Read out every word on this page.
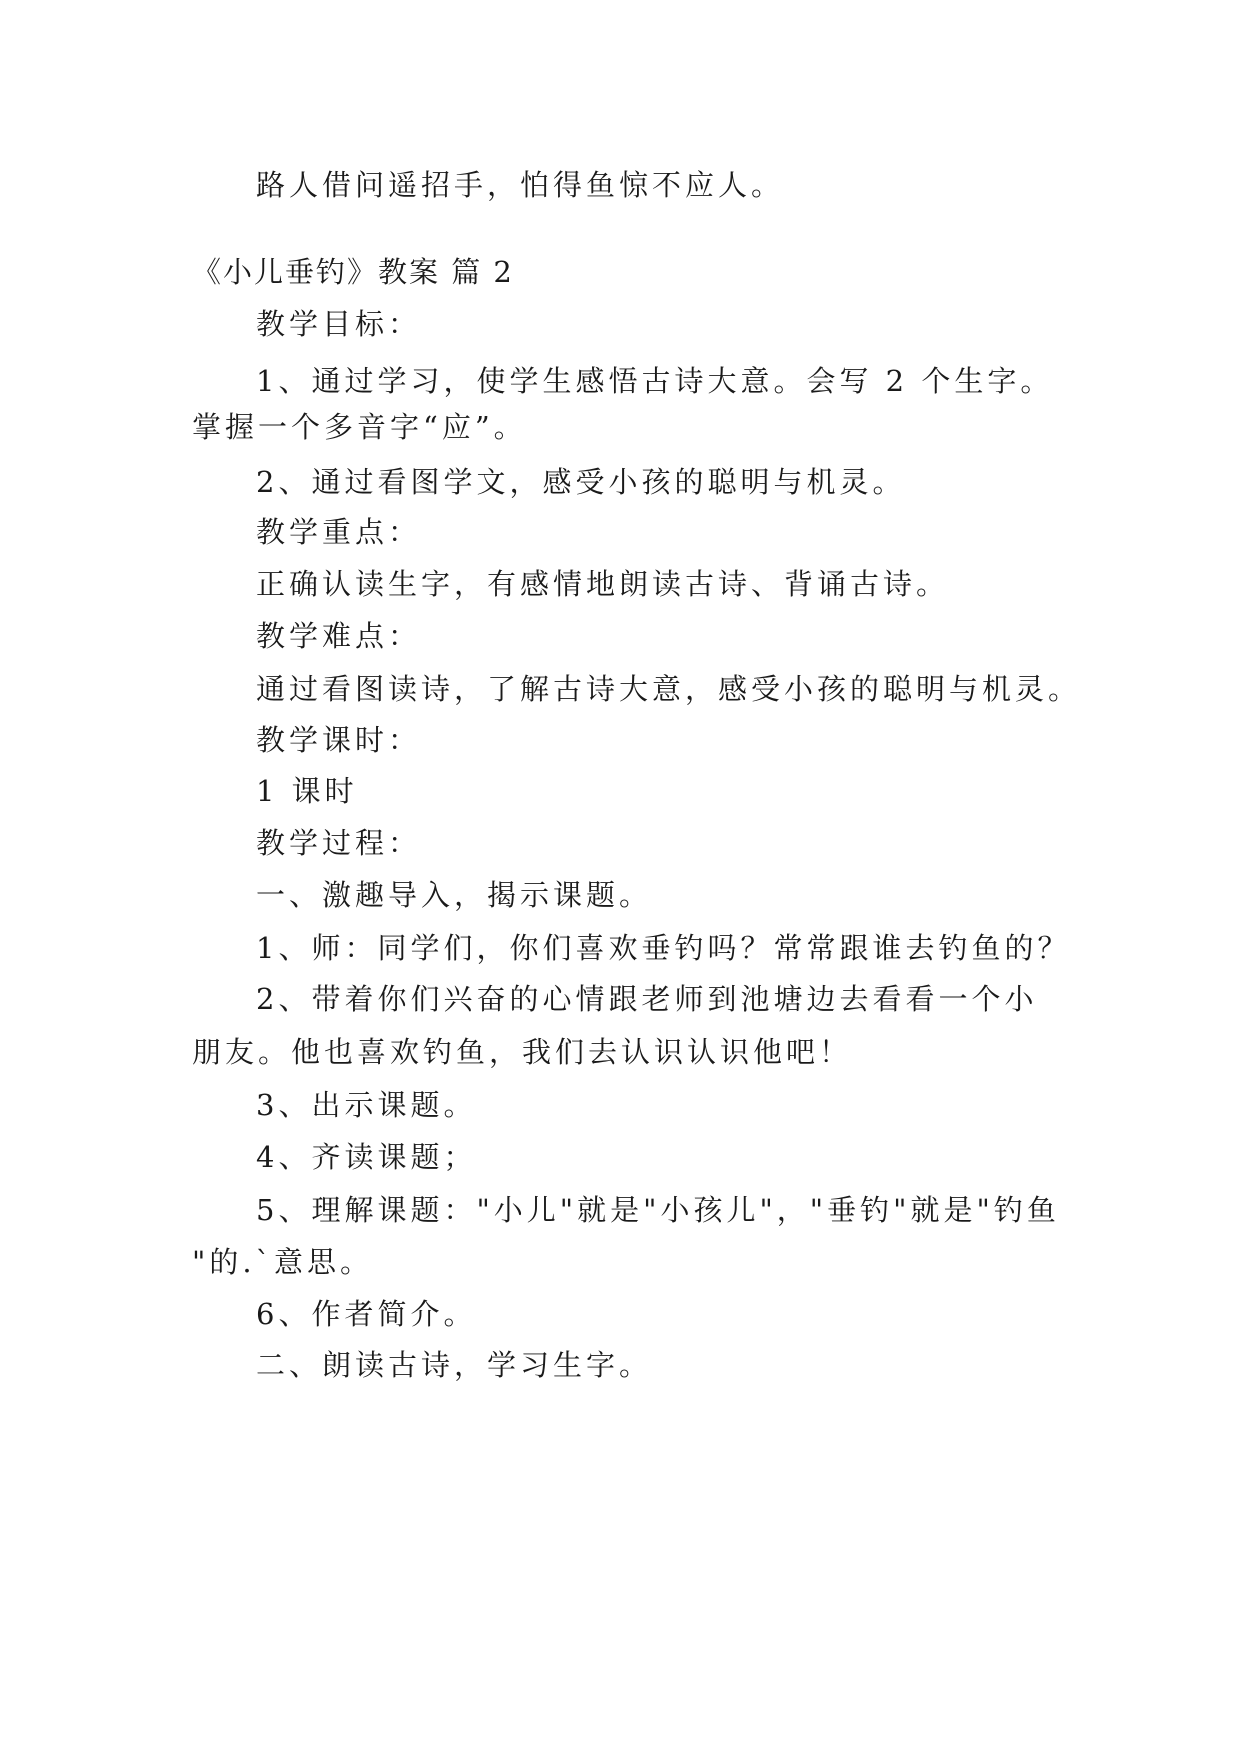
路人借问遥招手，怕得鱼惊不应人。
《小儿垂钓》教案 篇 2
教学目标：
1、通过学习，使学生感悟古诗大意。会写 2 个生字。
掌握一个多音字“应”。
2、通过看图学文，感受小孩的聪明与机灵。
教学重点：
正确认读生字，有感情地朗读古诗、背诵古诗。
教学难点：
通过看图读诗，了解古诗大意，感受小孩的聪明与机灵。
教学课时：
1 课时
教学过程：
一、激趣导入，揭示课题。
1、师：同学们，你们喜欢垂钓吗？常常跟谁去钓鱼的？
2、带着你们兴奋的心情跟老师到池塘边去看看一个小
朋友。他也喜欢钓鱼，我们去认识认识他吧！
3、出示课题。
4、齐读课题；
5、理解课题："小儿"就是"小孩儿"，"垂钓"就是"钓鱼
"的.`意思。
6、作者简介。
二、朗读古诗，学习生字。
